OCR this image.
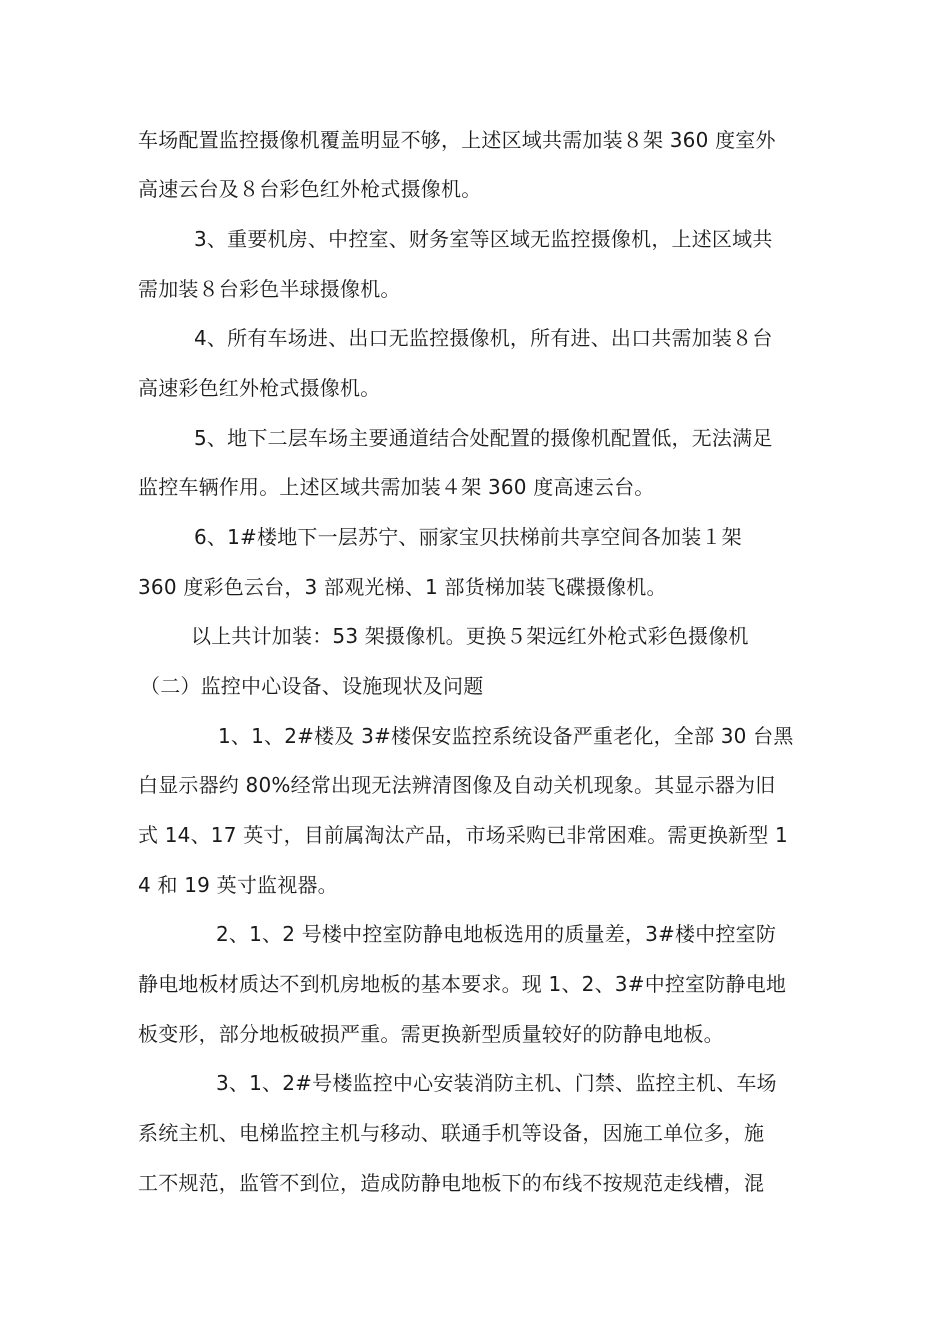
车场配置监控摄像机覆盖明显不够，上述区域共需加装８架 360 度室外
高速云台及８台彩色红外枪式摄像机。
3、重要机房、中控室、财务室等区域无监控摄像机，上述区域共
需加装８台彩色半球摄像机。
4、所有车场进、出口无监控摄像机，所有进、出口共需加装８台
高速彩色红外枪式摄像机。
5、地下二层车场主要通道结合处配置的摄像机配置低，无法满足
监控车辆作用。上述区域共需加装４架 360 度高速云台。
6、1#楼地下一层苏宁、丽家宝贝扶梯前共享空间各加装１架
360 度彩色云台，3 部观光梯、1 部货梯加装飞碟摄像机。
以上共计加装：53 架摄像机。更换５架远红外枪式彩色摄像机
（二）监控中心设备、设施现状及问题
1、1、2#楼及 3#楼保安监控系统设备严重老化，全部 30 台黑
白显示器约 80%经常出现无法辨清图像及自动关机现象。其显示器为旧
式 14、17 英寸，目前属淘汰产品，市场采购已非常困难。需更换新型 1
4 和 19 英寸监视器。
2、1、2 号楼中控室防静电地板选用的质量差，3#楼中控室防
静电地板材质达不到机房地板的基本要求。现 1、2、3#中控室防静电地
板变形，部分地板破损严重。需更换新型质量较好的防静电地板。
3、1、2#号楼监控中心安装消防主机、门禁、监控主机、车场
系统主机、电梯监控主机与移动、联通手机等设备，因施工单位多，施
工不规范，监管不到位，造成防静电地板下的布线不按规范走线槽，混
